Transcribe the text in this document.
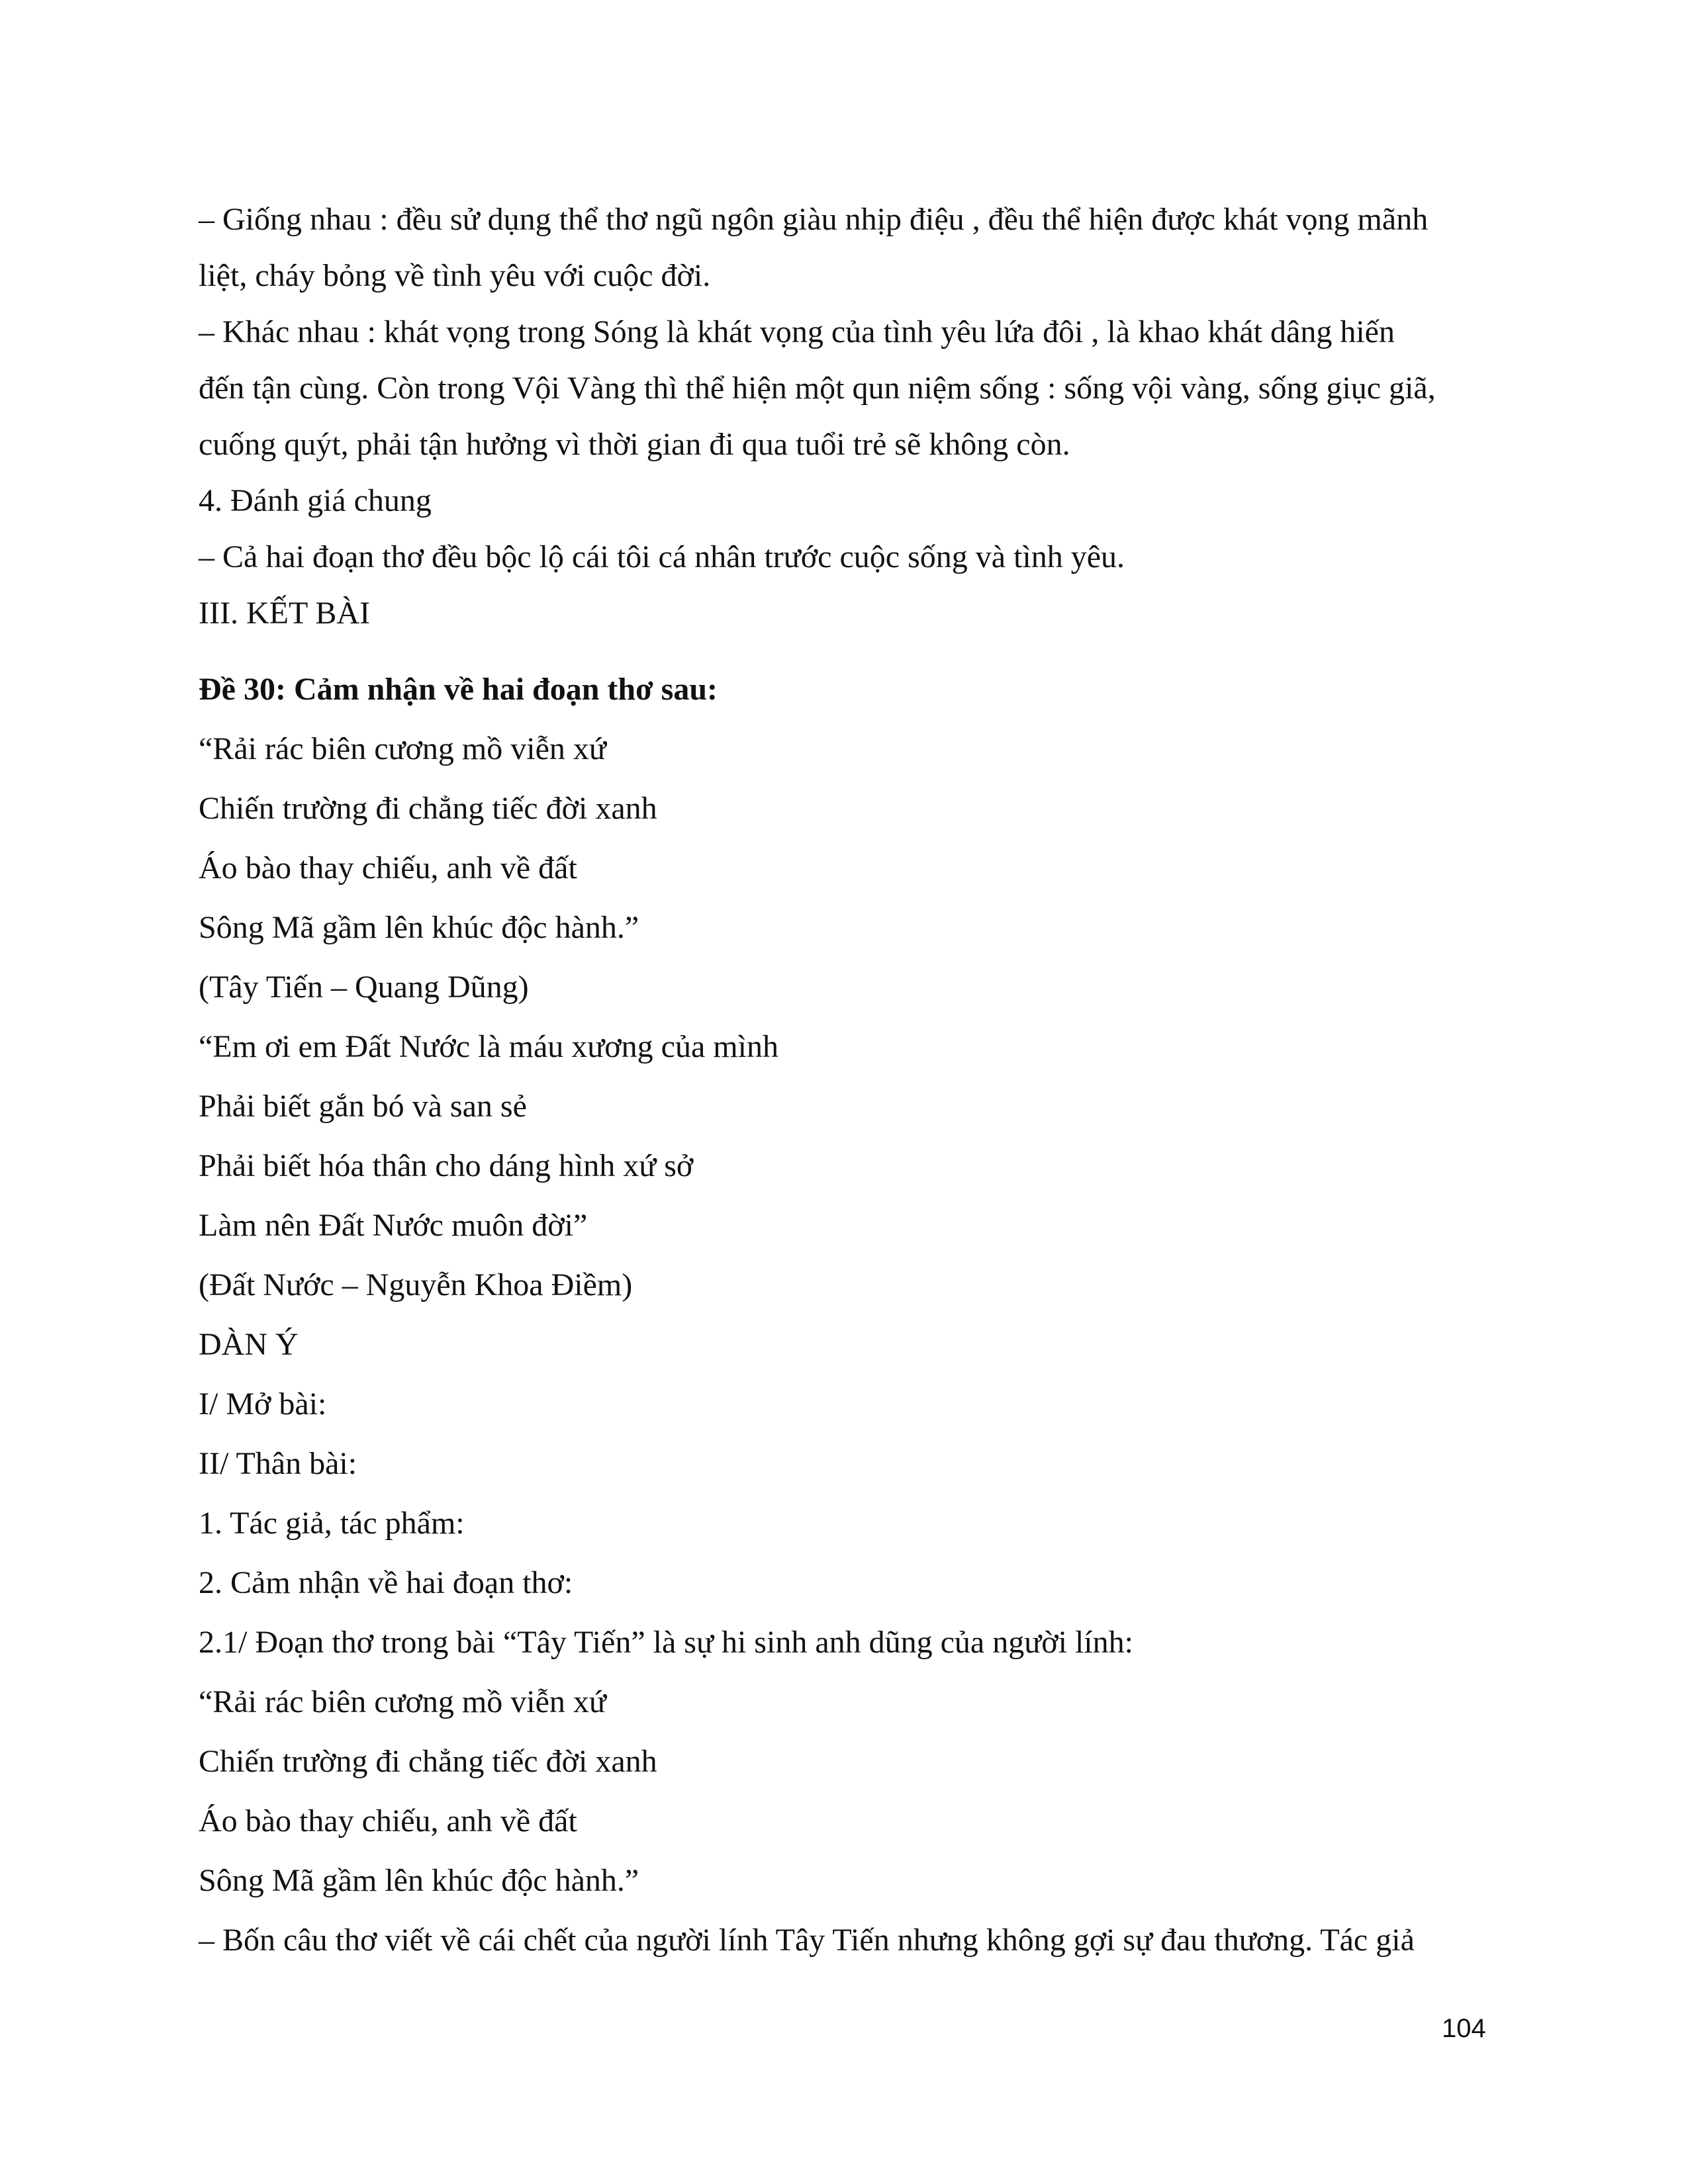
– Giống nhau : đều sử dụng thể thơ ngũ ngôn giàu nhịp điệu , đều thể hiện được khát vọng mãnh
liệt, cháy bỏng về tình yêu với cuộc đời.
– Khác nhau : khát vọng trong Sóng là khát vọng của tình yêu lứa đôi , là khao khát dâng hiến
đến tận cùng. Còn trong Vội Vàng thì thể hiện một qun niệm sống : sống vội vàng, sống giục giã,
cuống quýt, phải tận hưởng vì thời gian đi qua tuổi trẻ sẽ không còn.
4. Đánh giá chung
– Cả hai đoạn thơ đều bộc lộ cái tôi cá nhân trước cuộc sống và tình yêu.
III. KẾT BÀI
Đề 30: Cảm nhận về hai đoạn thơ sau:
“Rải rác biên cương mồ viễn xứ
Chiến trường đi chẳng tiếc đời xanh
Áo bào thay chiếu, anh về đất
Sông Mã gầm lên khúc độc hành.”
(Tây Tiến – Quang Dũng)
“Em ơi em Đất Nước là máu xương của mình
Phải biết gắn bó và san sẻ
Phải biết hóa thân cho dáng hình xứ sở
Làm nên Đất Nước muôn đời”
(Đất Nước – Nguyễn Khoa Điềm)
DÀN Ý
I/ Mở bài:
II/ Thân bài:
1. Tác giả, tác phẩm:
2. Cảm nhận về hai đoạn thơ:
2.1/ Đoạn thơ trong bài “Tây Tiến” là sự hi sinh anh dũng của người lính:
“Rải rác biên cương mồ viễn xứ
Chiến trường đi chẳng tiếc đời xanh
Áo bào thay chiếu, anh về đất
Sông Mã gầm lên khúc độc hành.”
– Bốn câu thơ viết về cái chết của người lính Tây Tiến nhưng không gợi sự đau thương. Tác giả
104
